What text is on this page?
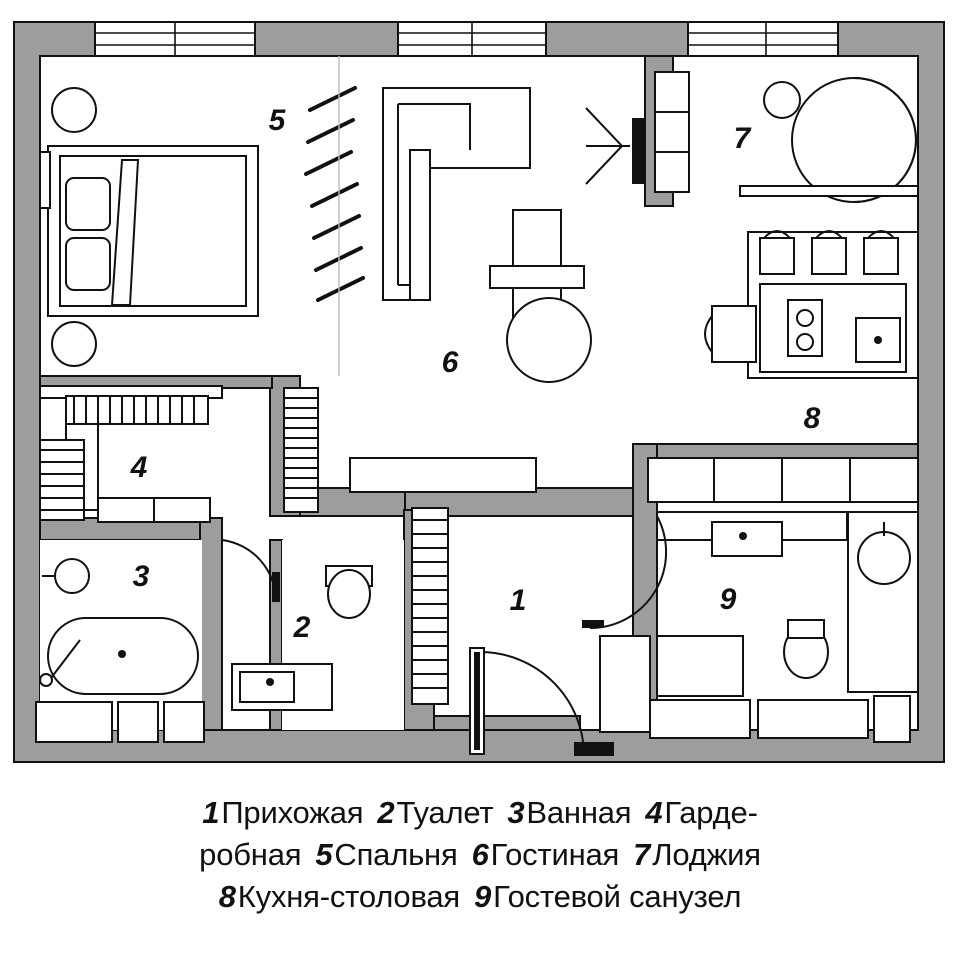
5
7
6
8
4
3
2
1	9
1Прихожая 2Туалет 3Ванная 4Гарде-
робная 5Спальня 6Гостиная 7Лоджия
8Кухня-столовая 9Гостевой санузел
